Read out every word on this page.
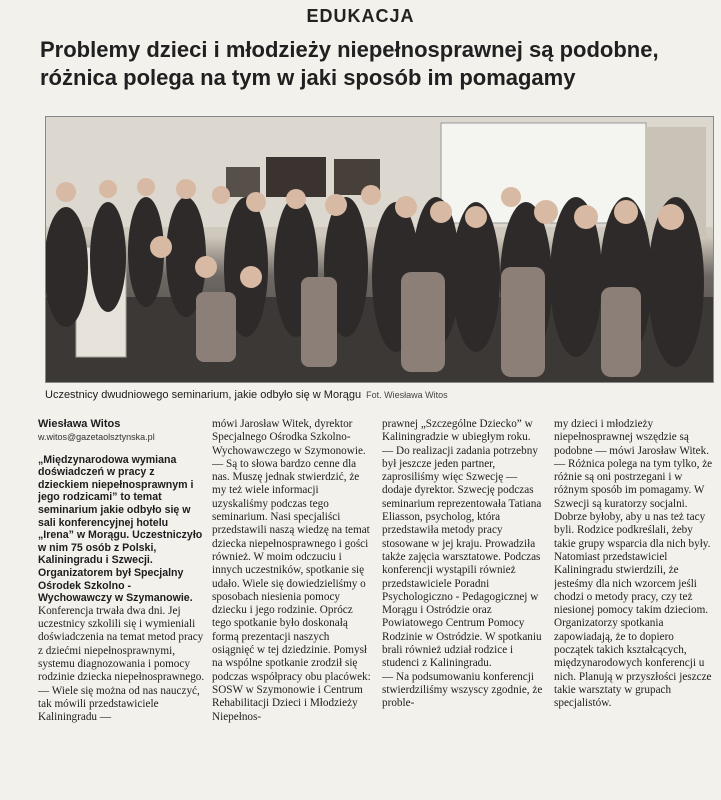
EDUKACJA
Problemy dzieci i młodzieży niepełnosprawnej są podobne,
różnica polega na tym w jaki sposób im pomagamy
Uczestnicy dwudniowego seminarium, jakie odbyło się w Morągu Fot. Wiesława Witos
Wiesława Witos
w.witos@gazetaolsztynska.pl

„Międzynarodowa wymiana doświadczeń w pracy z dzieckiem niepełnosprawnym i jego rodzicami” to temat seminarium jakie odbyło się w sali konferencyjnej hotelu „Irena” w Morągu. Uczestniczyło w nim 75 osób z Polski, Kaliningradu i Szwecji. Organizatorem był Specjalny Ośrodek Szkolno - Wychowawczy w Szymanowie.

Konferencja trwała dwa dni. Jej uczestnicy szkolili się i wymieniali doświadczenia na temat metod pracy z dziećmi niepełnosprawnymi, systemu diagnozowania i pomocy rodzinie dziecka niepełnosprawnego.
— Wiele się można od nas nauczyć, tak mówili przedstawiciele Kaliningradu —

mówi Jarosław Witek, dyrektor Specjalnego Ośrodka Szkolno-Wychowawczego w Szymonowie. — Są to słowa bardzo cenne dla nas. Muszę jednak stwierdzić, że my też wiele informacji uzyskaliśmy podczas tego seminarium. Nasi specjaliści przedstawili naszą wiedzę na temat dziecka niepełnosprawnego i gości również. W moim odczuciu i innych uczestników, spotkanie się udało. Wiele się dowiedzieliśmy o sposobach niesienia pomocy dziecku i jego rodzinie. Oprócz tego spotkanie było doskonałą formą prezentacji naszych osiągnięć w tej dziedzinie. Pomysł na wspólne spotkanie zrodził się podczas współpracy obu placówek: SOSW w Szymonowie i Centrum Rehabilitacji Dzieci i Młodzieży Niepełnos-

prawnej „Szczególne Dziecko” w Kaliningradzie w ubiegłym roku.
— Do realizacji zadania potrzebny był jeszcze jeden partner, zaprosiliśmy więc Szwecję — dodaje dyrektor. Szwecję podczas seminarium reprezentowała Tatiana Eliasson, psycholog, która przedstawiła metody pracy stosowane w jej kraju. Prowadziła także zajęcia warsztatowe. Podczas konferencji wystąpili również przedstawiciele Poradni Psychologiczno - Pedagogicznej w Morągu i Ostródzie oraz Powiatowego Centrum Pomocy Rodzinie w Ostródzie. W spotkaniu brali również udział rodzice i studenci z Kaliningradu.
— Na podsumowaniu konferencji stwierdziliśmy wszyscy zgodnie, że proble-

my dzieci i młodzieży niepełnosprawnej wszędzie są podobne — mówi Jarosław Witek. — Różnica polega na tym tylko, że różnie są oni postrzegani i w różnym sposób im pomagamy. W Szwecji są kuratorzy socjalni. Dobrze byłoby, aby u nas też tacy byli. Rodzice podkreślali, żeby takie grupy wsparcia dla nich były. Natomiast przedstawiciel Kaliningradu stwierdzili, że jesteśmy dla nich wzorcem jeśli chodzi o metody pracy, czy też niesionej pomocy takim dzieciom.
Organizatorzy spotkania zapowiadają, że to dopiero początek takich kształcących, międzynarodowych konferencji u nich. Planują w przyszłości jeszcze takie warsztaty w grupach specjalistów.
